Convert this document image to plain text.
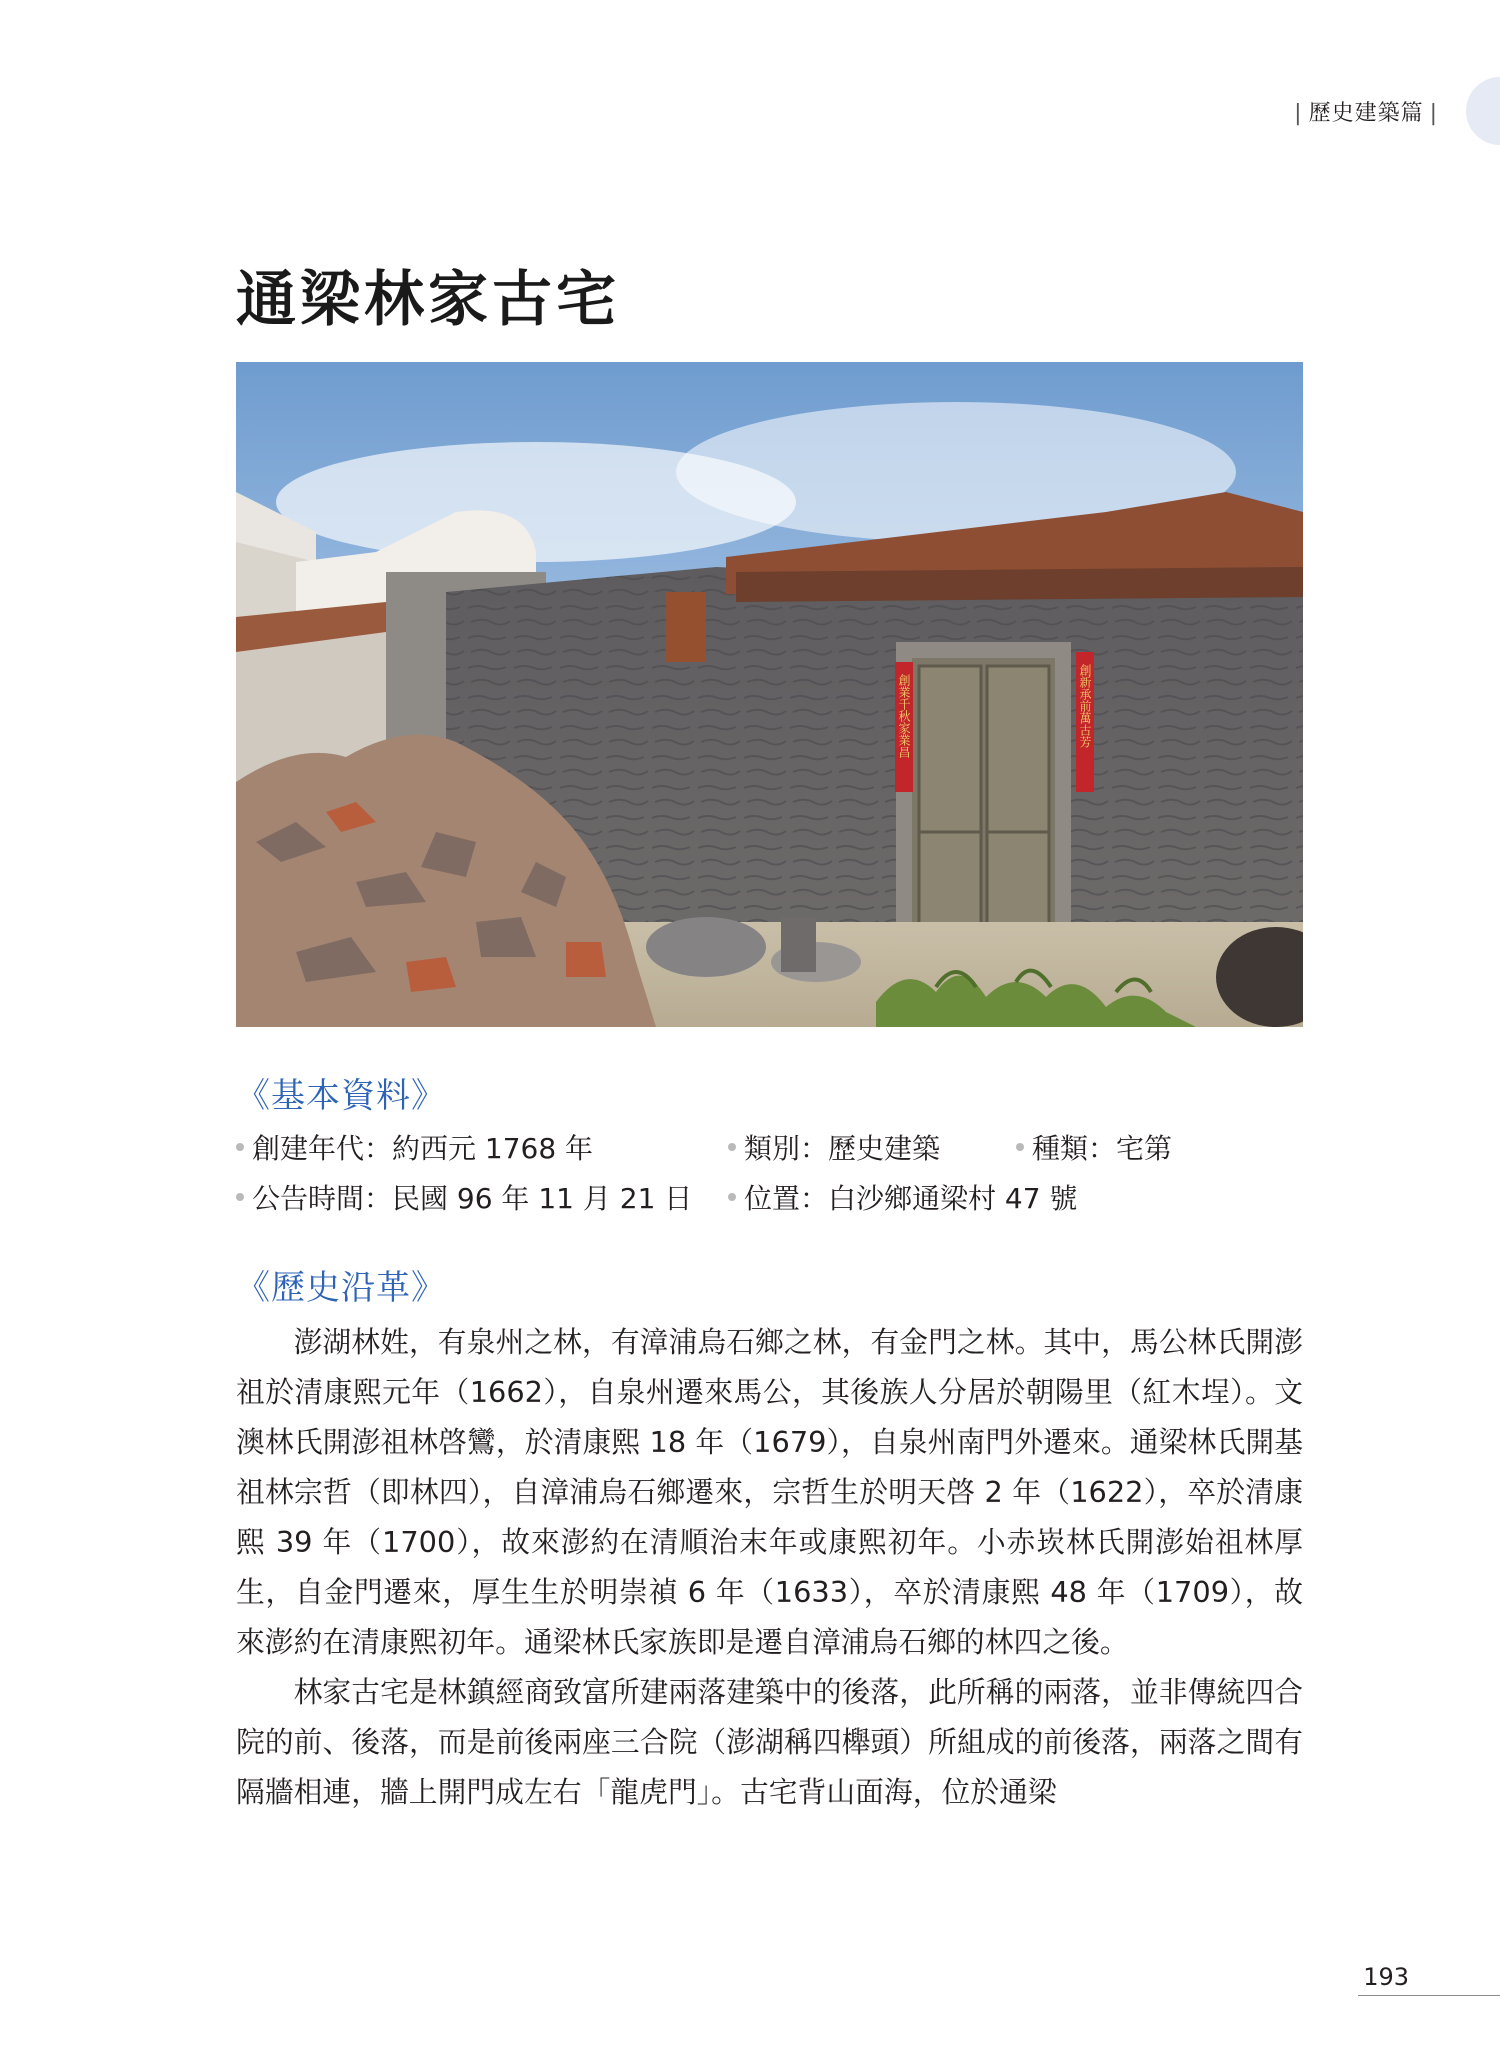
| 歷史建築篇 |
通梁林家古宅
創業千秋家業昌	創新承前萬古芳
《基本資料》
創建年代：約西元 1768 年	類別：歷史建築	種類：宅第
公告時間：民國 96 年 11 月 21 日	位置：白沙鄉通梁村 47 號
《歷史沿革》

澎湖林姓，有泉州之林，有漳浦烏石鄉之林，有金門之林。其中，馬公林氏開澎祖於清康熙元年（1662），自泉州遷來馬公，其後族人分居於朝陽里（紅木埕）。文澳林氏開澎祖林啓鸞，於清康熙 18 年（1679），自泉州南門外遷來。通梁林氏開基祖林宗哲（即林四），自漳浦烏石鄉遷來，宗哲生於明天啓 2 年（1622），卒於清康熙 39 年（1700），故來澎約在清順治末年或康熙初年。小赤崁林氏開澎始祖林厚生，自金門遷來，厚生生於明崇禎 6 年（1633），卒於清康熙 48 年（1709），故來澎約在清康熙初年。通梁林氏家族即是遷自漳浦烏石鄉的林四之後。

林家古宅是林鎮經商致富所建兩落建築中的後落，此所稱的兩落，並非傳統四合院的前、後落，而是前後兩座三合院（澎湖稱四櫸頭）所組成的前後落，兩落之間有隔牆相連，牆上開門成左右「龍虎門」。古宅背山面海，位於通梁

193
